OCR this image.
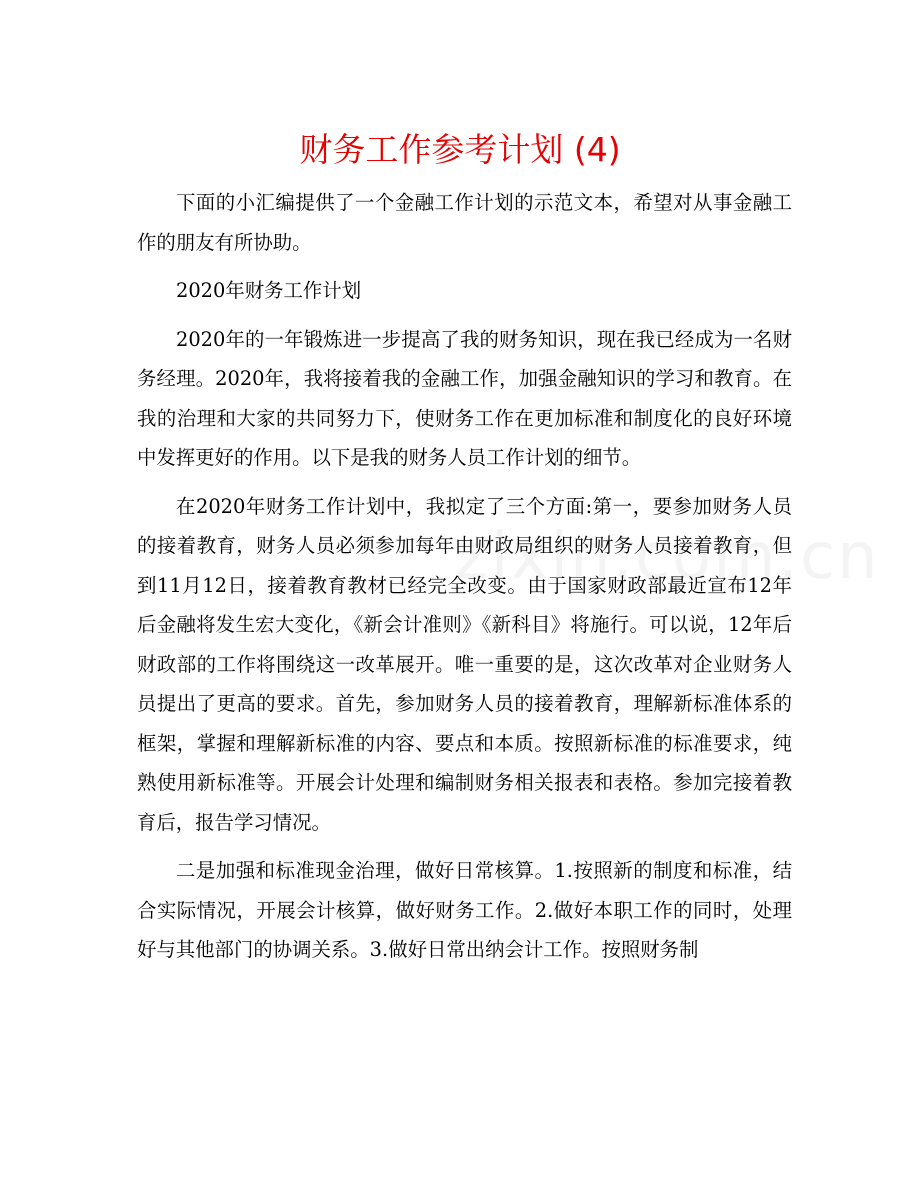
财务工作参考计划 (4)

下面的小汇编提供了一个金融工作计划的示范文本，希望对从事金融工作的朋友有所协助。

2020年财务工作计划

2020年的一年锻炼进一步提高了我的财务知识，现在我已经成为一名财务经理。2020年，我将接着我的金融工作，加强金融知识的学习和教育。在我的治理和大家的共同努力下，使财务工作在更加标准和制度化的良好环境中发挥更好的作用。以下是我的财务人员工作计划的细节。

在2020年财务工作计划中，我拟定了三个方面:第一，要参加财务人员的接着教育，财务人员必须参加每年由财政局组织的财务人员接着教育，但到11月12日，接着教育教材已经完全改变。由于国家财政部最近宣布12年后金融将发生宏大变化，《新会计准则》《新科目》将施行。可以说，12年后财政部的工作将围绕这一改革展开。唯一重要的是，这次改革对企业财务人员提出了更高的要求。首先，参加财务人员的接着教育，理解新标准体系的框架，掌握和理解新标准的内容、要点和本质。按照新标准的标准要求，纯熟使用新标准等。开展会计处理和编制财务相关报表和表格。参加完接着教育后，报告学习情况。

二是加强和标准现金治理，做好日常核算。1.按照新的制度和标准，结合实际情况，开展会计核算，做好财务工作。2.做好本职工作的同时，处理好与其他部门的协调关系。3.做好日常出纳会计工作。按照财务制
